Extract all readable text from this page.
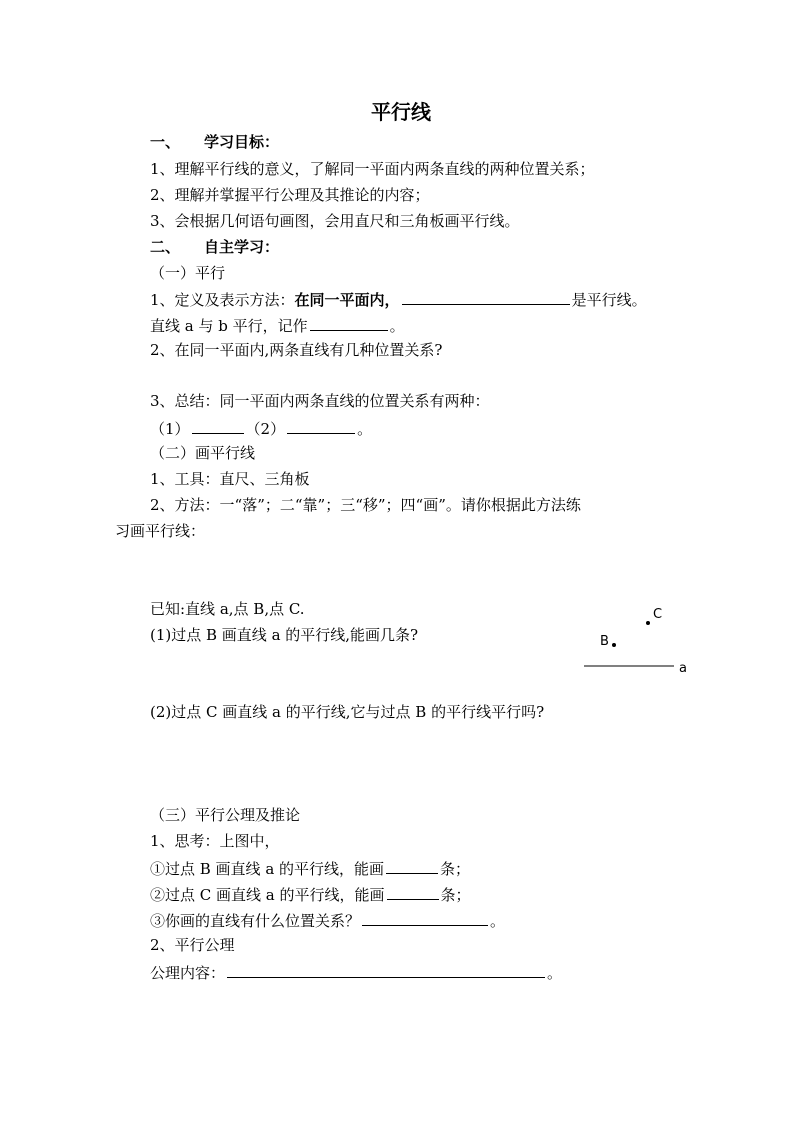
平行线
一、 学习目标：
1、理解平行线的意义，了解同一平面内两条直线的两种位置关系；
2、理解并掌握平行公理及其推论的内容；
3、会根据几何语句画图，会用直尺和三角板画平行线。
二、 自主学习：
（一）平行
1、定义及表示方法：在同一平面内，	是平行线。
直线 a 与 b 平行，记作	。
2、在同一平面内,两条直线有几种位置关系?
3、总结：同一平面内两条直线的位置关系有两种：
（1）	（2）	。
（二）画平行线
1、工具：直尺、三角板
2、方法：一“落”；二“靠”；三“移”；四“画”。请你根据此方法练
习画平行线：
已知:直线 a,点 B,点 C.
(1)过点 B 画直线 a 的平行线,能画几条?
(2)过点 C 画直线 a 的平行线,它与过点 B 的平行线平行吗?
C
B
a
（三）平行公理及推论
1、思考：上图中，
①过点 B 画直线 a 的平行线，能画	条；
②过点 C 画直线 a 的平行线，能画	条；
③你画的直线有什么位置关系？	。
2、平行公理
公理内容：	。
